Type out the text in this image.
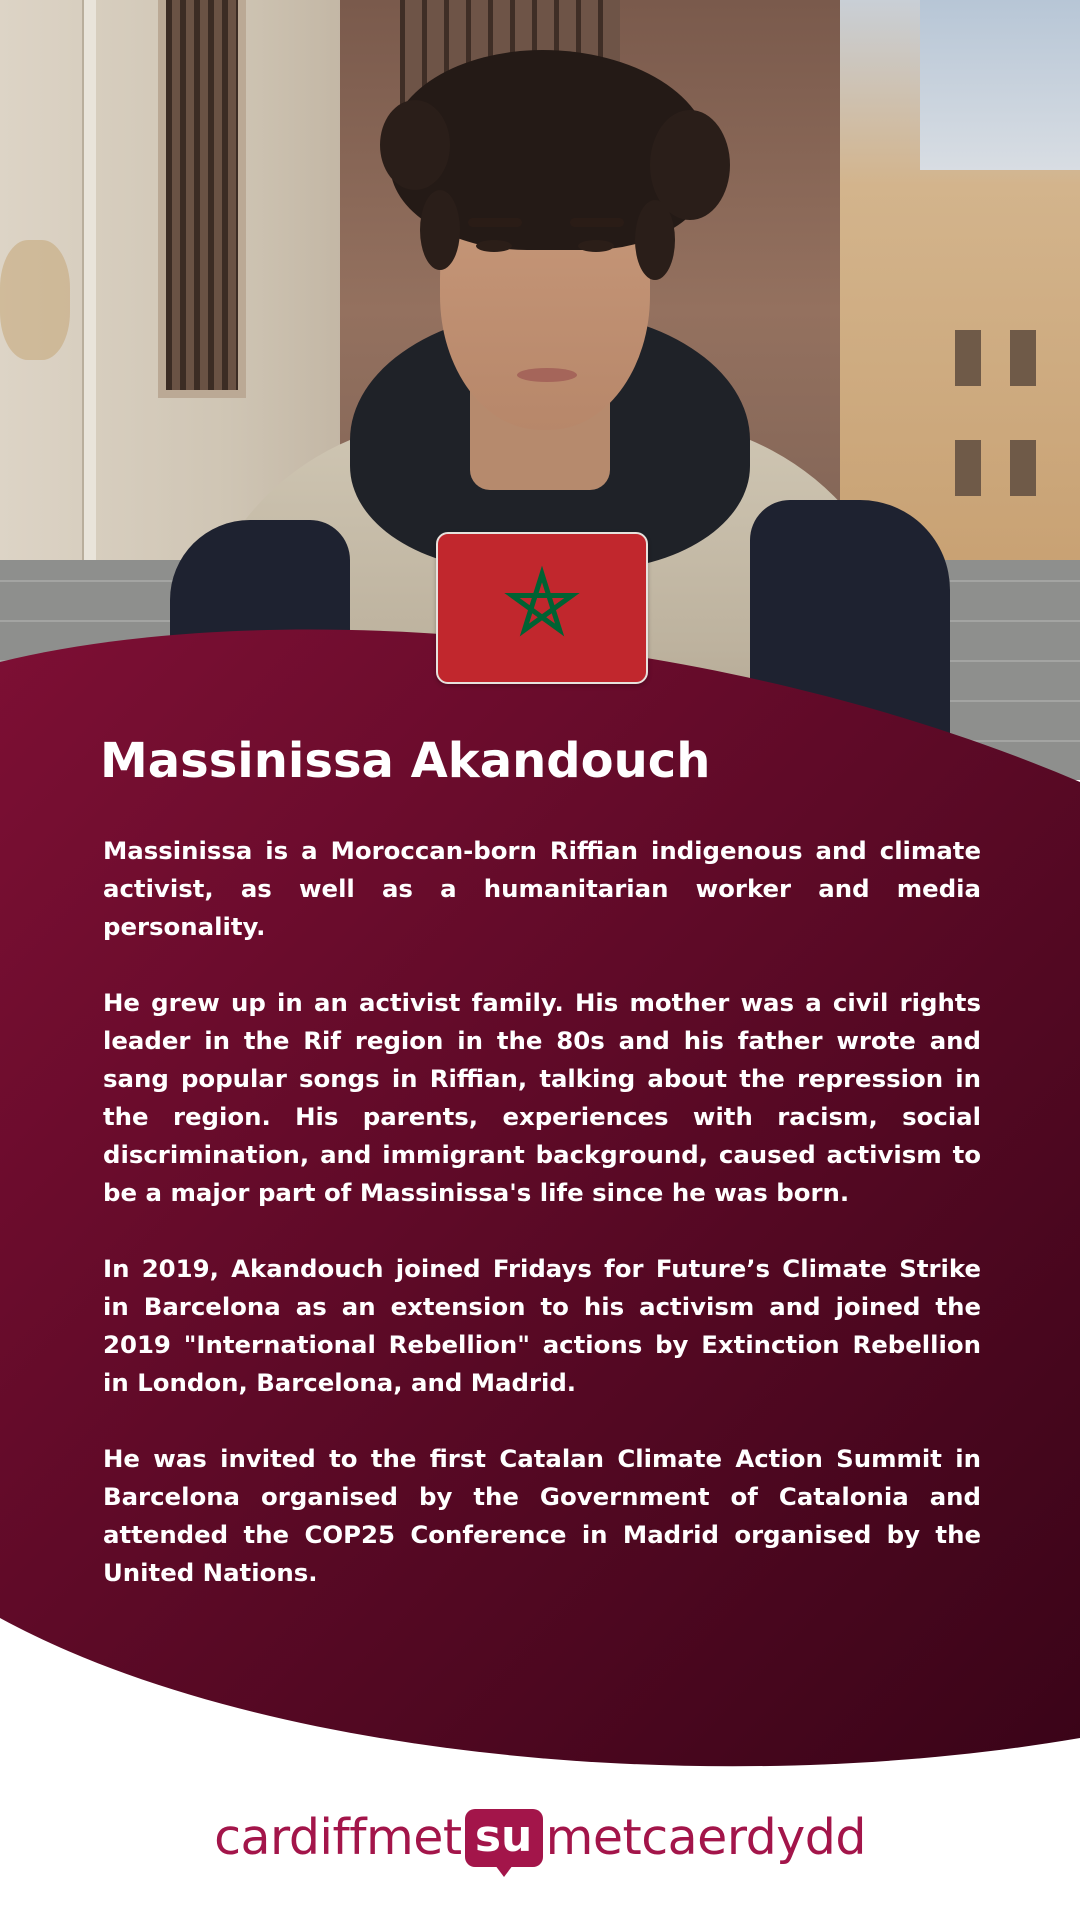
Massinissa Akandouch

Massinissa is a Moroccan-born Riffian indigenous and climate activist, as well as a humanitarian worker and media personality.

He grew up in an activist family. His mother was a civil rights leader in the Rif region in the 80s and his father wrote and sang popular songs in Riffian, talking about the repression in the region. His parents, experiences with racism, social discrimination, and immigrant background, caused activism to be a major part of Massinissa's life since he was born.

In 2019, Akandouch joined Fridays for Future’s Climate Strike in Barcelona as an extension to his activism and joined the 2019 "International Rebellion" actions by Extinction Rebellion in London, Barcelona, and Madrid.

He was invited to the first Catalan Climate Action Summit in Barcelona organised by the Government of Catalonia and attended the COP25 Conference in Madrid organised by the United Nations.

cardiffmet su metcaerdydd
